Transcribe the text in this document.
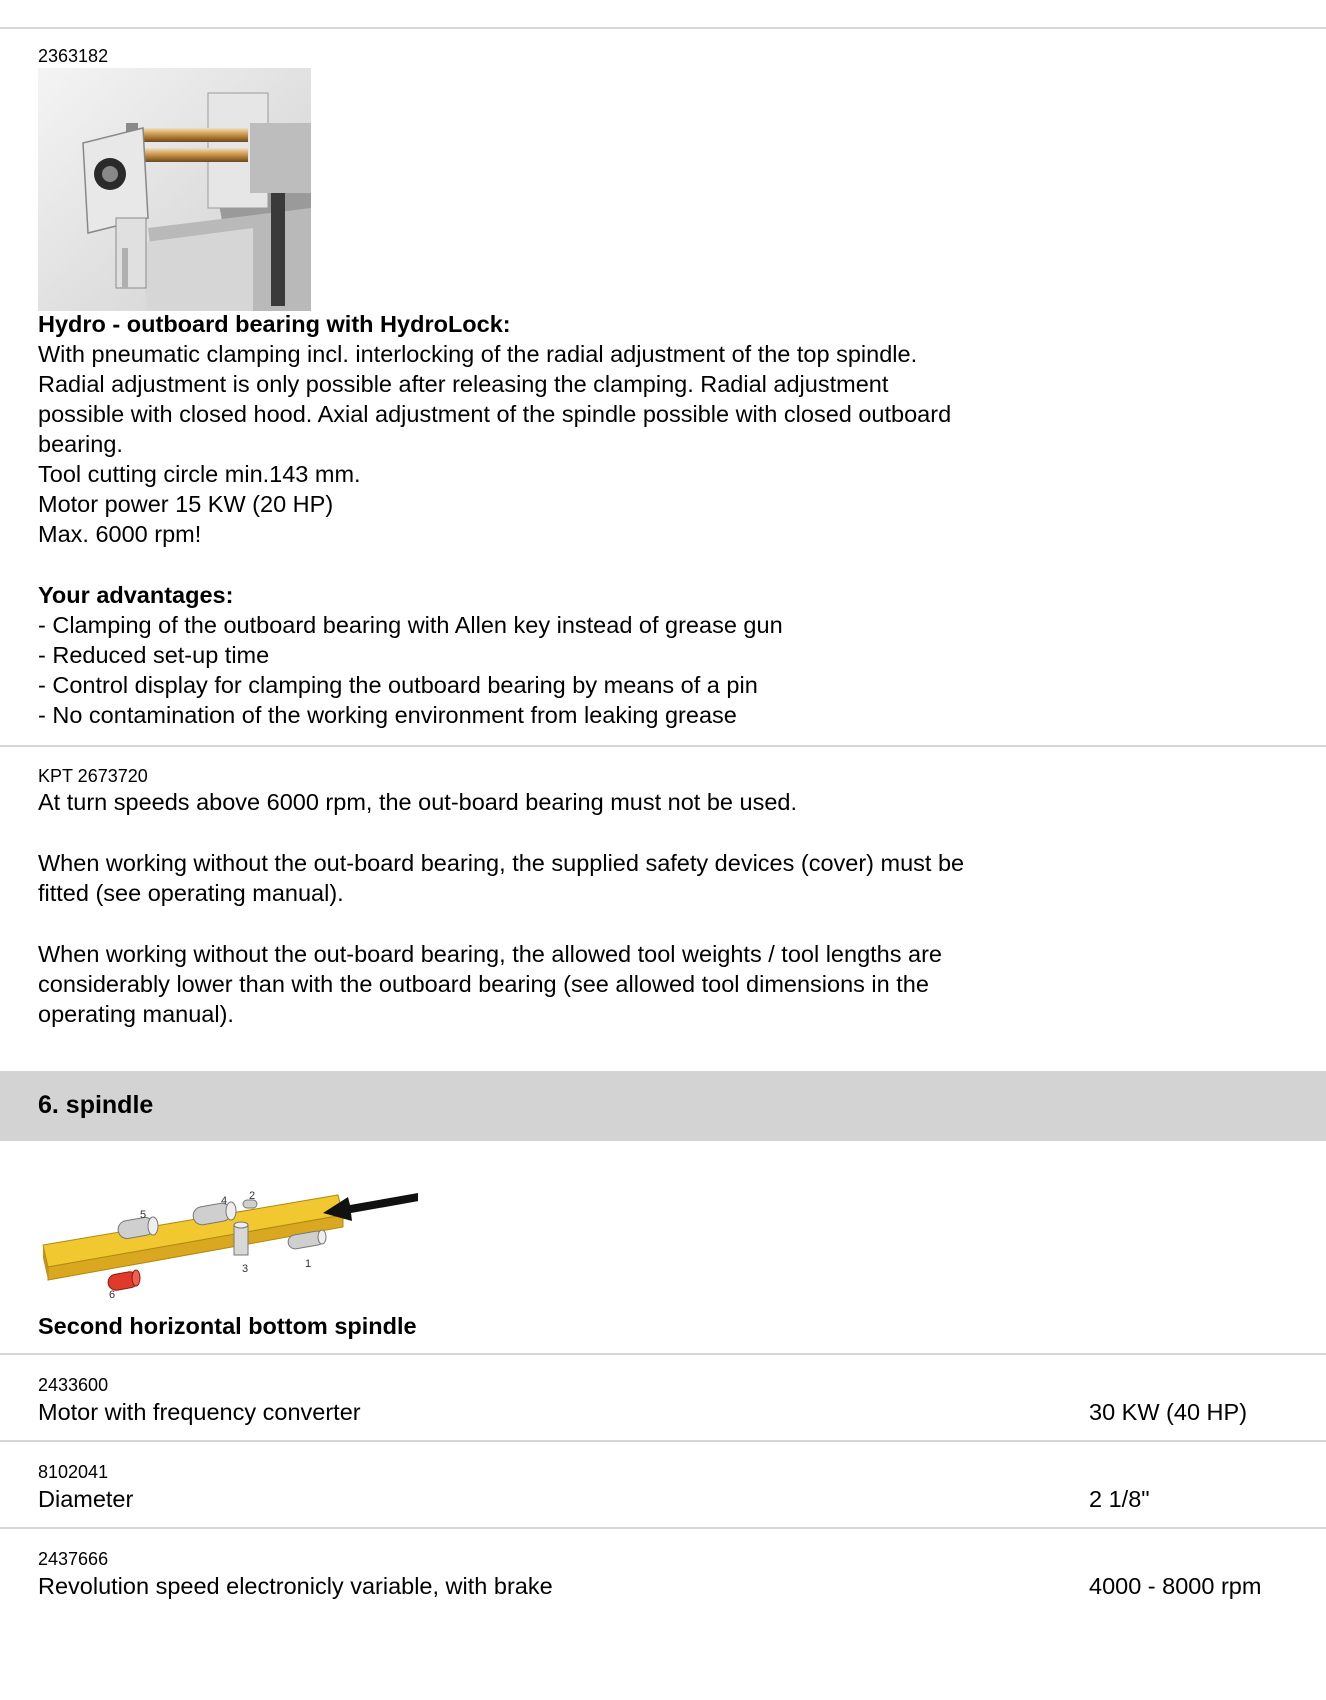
2363182
Hydro - outboard bearing with HydroLock:
With pneumatic clamping incl. interlocking of the radial adjustment of the top spindle.
Radial adjustment is only possible after releasing the clamping. Radial adjustment
possible with closed hood. Axial adjustment of the spindle possible with closed outboard
bearing.
Tool cutting circle min.143 mm.
Motor power 15 KW (20 HP)
Max. 6000 rpm!
Your advantages:
- Clamping of the outboard bearing with Allen key instead of grease gun
- Reduced set-up time
- Control display for clamping the outboard bearing by means of a pin
- No contamination of the working environment from leaking grease
KPT 2673720
At turn speeds above 6000 rpm, the out-board bearing must not be used.
When working without the out-board bearing, the supplied safety devices (cover) must be
fitted (see operating manual).
When working without the out-board bearing, the allowed tool weights / tool lengths are
considerably lower than with the outboard bearing (see allowed tool dimensions in the
operating manual).
6. spindle
1
2
3
4
5
6
Second horizontal bottom spindle
2433600
Motor with frequency converter	30 KW (40 HP)
8102041
Diameter	2 1/8"
2437666
Revolution speed electronicly variable, with brake	4000 - 8000 rpm
